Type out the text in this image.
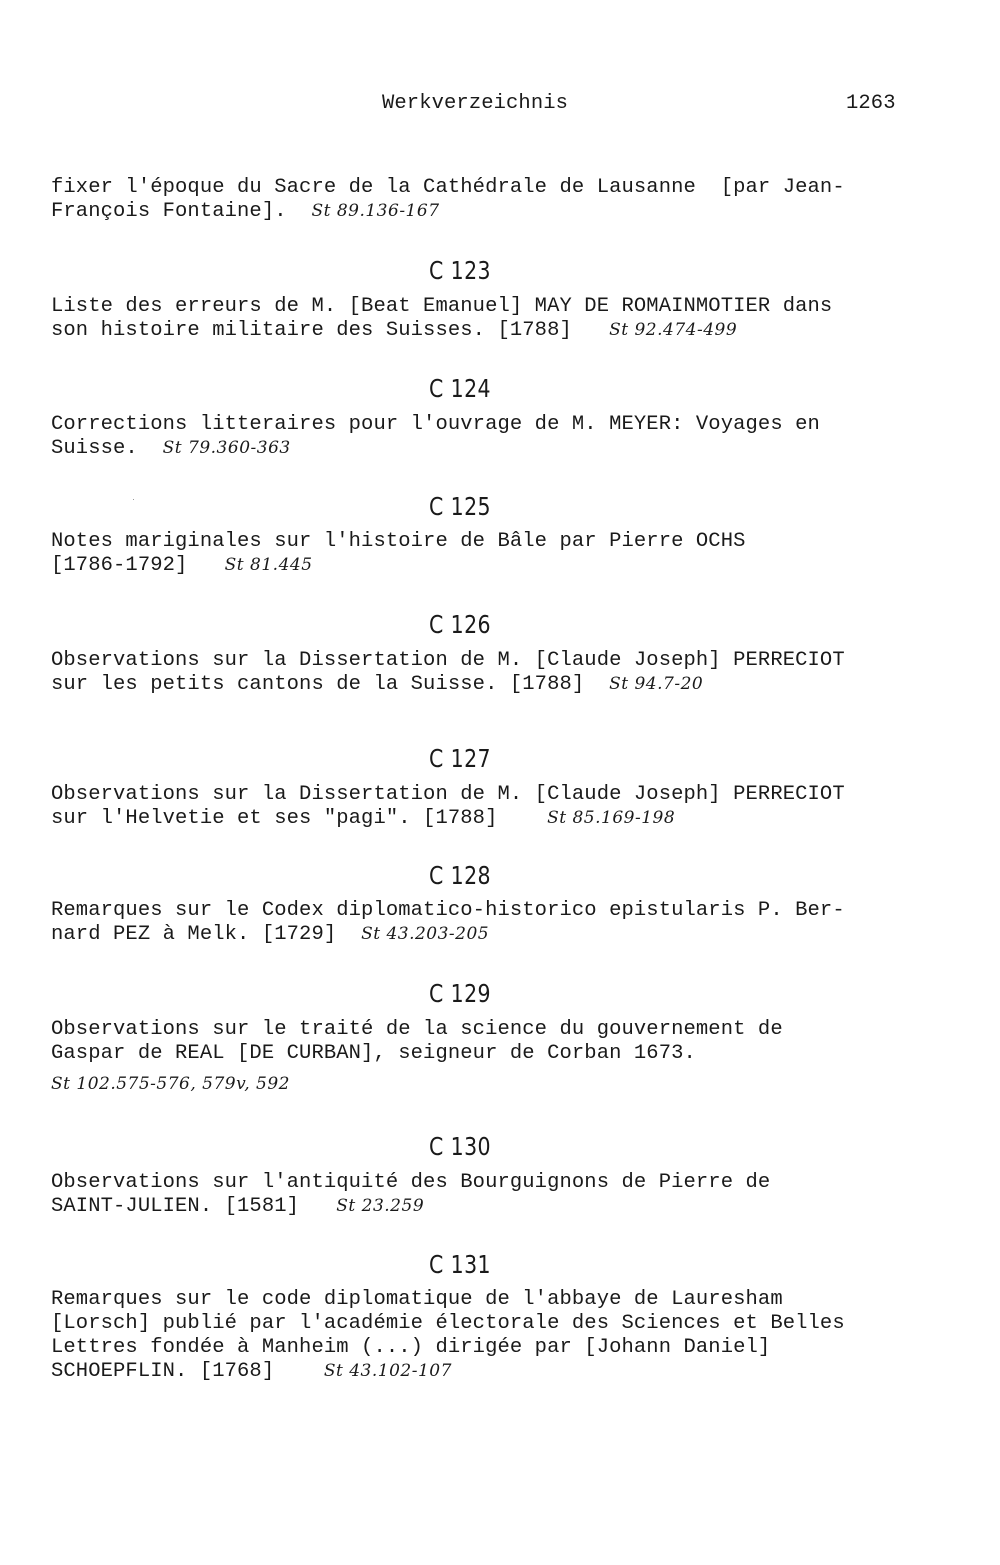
Werkverzeichnis	1263
fixer l'époque du Sacre de la Cathédrale de Lausanne  [par Jean-
François Fontaine]. St 89.136-167
C 123
Liste des erreurs de M. [Beat Emanuel] MAY DE ROMAINMOTIER dans
son histoire militaire des Suisses. [1788] St 92.474-499
C 124
Corrections litteraires pour l'ouvrage de M. MEYER: Voyages en
Suisse. St 79.360-363
C 125
Notes mariginales sur l'histoire de Bâle par Pierre OCHS
[1786-1792] St 81.445
C 126
Observations sur la Dissertation de M. [Claude Joseph] PERRECIOT
sur les petits cantons de la Suisse. [1788] St 94.7-20
C 127
Observations sur la Dissertation de M. [Claude Joseph] PERRECIOT
sur l'Helvetie et ses "pagi". [1788]	St 85.169-198
C 128
Remarques sur le Codex diplomatico-historico epistularis P. Ber-
nard PEZ à Melk. [1729] St 43.203-205
C 129
Observations sur le traité de la science du gouvernement de
Gaspar de REAL [DE CURBAN], seigneur de Corban 1673.
St 102.575-576, 579v, 592
C 130
Observations sur l'antiquité des Bourguignons de Pierre de
SAINT-JULIEN. [1581] St 23.259
C 131
Remarques sur le code diplomatique de l'abbaye de Lauresham
[Lorsch] publié par l'académie électorale des Sciences et Belles
Lettres fondée à Manheim (...) dirigée par [Johann Daniel]
SCHOEPFLIN. [1768]	St 43.102-107
